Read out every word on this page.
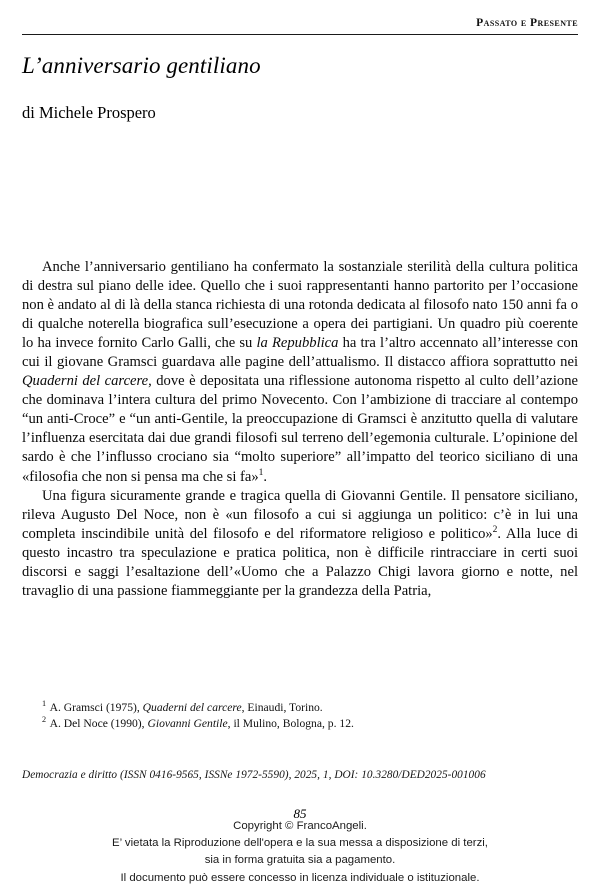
Passato e Presente
L’anniversario gentiliano

di Michele Prospero

Anche l’anniversario gentiliano ha confermato la sostanziale sterilità della cultura politica di destra sul piano delle idee. Quello che i suoi rappresentanti hanno partorito per l’occasione non è andato al di là della stanca richiesta di una rotonda dedicata al filosofo nato 150 anni fa o di qualche noterella biografica sull’esecuzione a opera dei partigiani. Un quadro più coerente lo ha invece fornito Carlo Galli, che su la Repubblica ha tra l’altro accennato all’interesse con cui il giovane Gramsci guardava alle pagine dell’attualismo. Il distacco affiora soprattutto nei Quaderni del carcere, dove è depositata una riflessione autonoma rispetto al culto dell’azione che dominava l’intera cultura del primo Novecento. Con l’ambizione di tracciare al contempo “un anti-Croce” e “un anti-Gentile, la preoccupazione di Gramsci è anzitutto quella di valutare l’influenza esercitata dai due grandi filosofi sul terreno dell’egemonia culturale. L’opinione del sardo è che l’influsso crociano sia “molto superiore” all’impatto del teorico siciliano di una «filosofia che non si pensa ma che si fa»$^1$.

Una figura sicuramente grande e tragica quella di Giovanni Gentile. Il pensatore siciliano, rileva Augusto Del Noce, non è «un filosofo a cui si aggiunga un politico: c’è in lui una completa inscindibile unità del filosofo e del riformatore religioso e politico»$^2$. Alla luce di questo incastro tra speculazione e pratica politica, non è difficile rintracciare in certi suoi discorsi e saggi l’esaltazione dell’«Uomo che a Palazzo Chigi lavora giorno e notte, nel travaglio di una passione fiammeggiante per la grandezza della Patria,

$^1$ A. Gramsci (1975), Quaderni del carcere, Einaudi, Torino.

$^2$ A. Del Noce (1990), Giovanni Gentile, il Mulino, Bologna, p. 12.

Democrazia e diritto (ISSN 0416-9565, ISSNe 1972-5590), 2025, 1, DOI: 10.3280/DED2025-001006

85

Copyright © FrancoAngeli.

E’ vietata la Riproduzione dell'opera e la sua messa a disposizione di terzi,

sia in forma gratuita sia a pagamento.

Il documento può essere concesso in licenza individuale o istituzionale.
